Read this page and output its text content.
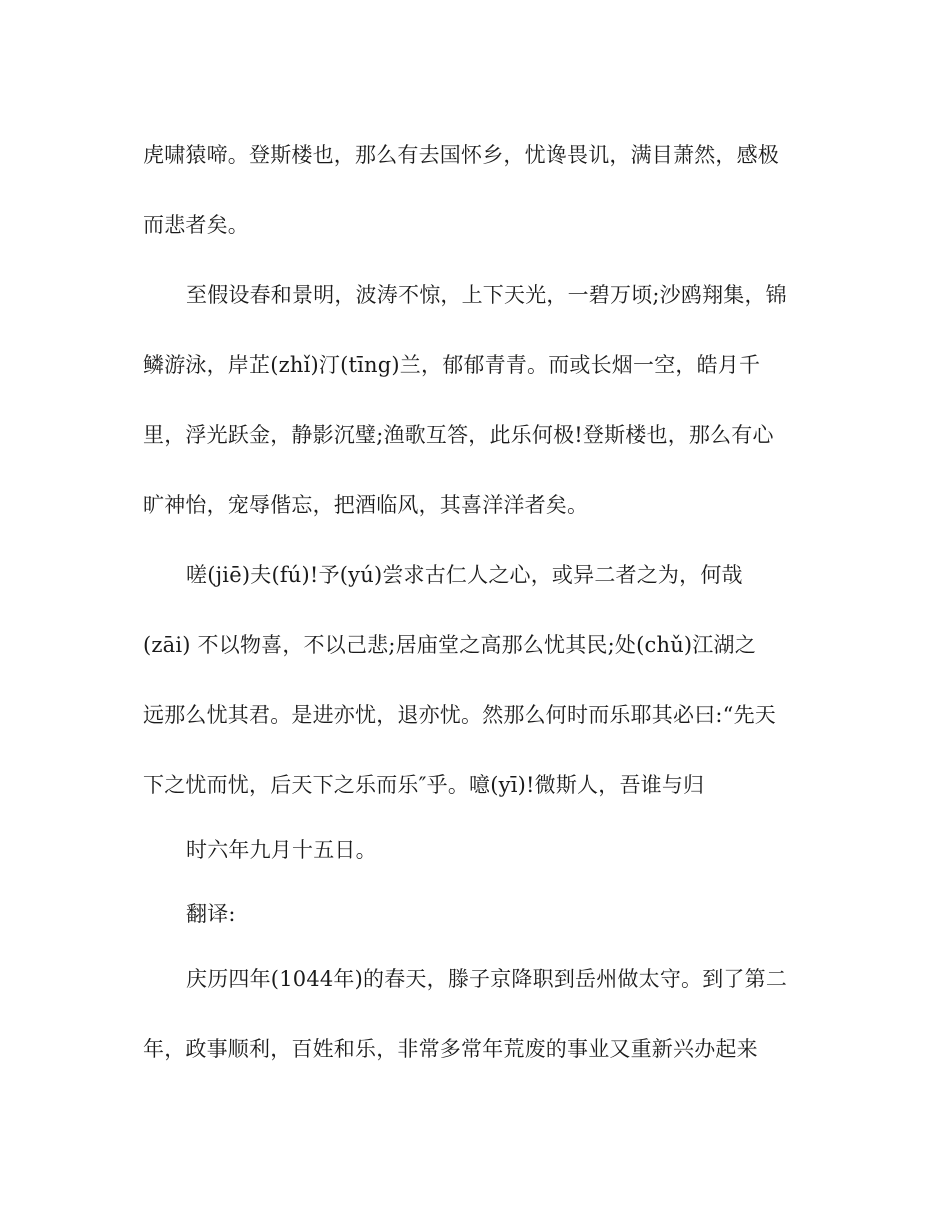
虎啸猿啼。登斯楼也，那么有去国怀乡，忧谗畏讥，满目萧然，感极
而悲者矣。
至假设春和景明，波涛不惊，上下天光，一碧万顷;沙鸥翔集，锦
鳞游泳，岸芷(zhǐ)汀(tīng)兰，郁郁青青。而或长烟一空，皓月千
里，浮光跃金，静影沉璧;渔歌互答，此乐何极!登斯楼也，那么有心
旷神怡，宠辱偕忘，把酒临风，其喜洋洋者矣。
嗟(jiē)夫(fú)!予(yú)尝求古仁人之心，或异二者之为，何哉
(zāi) 不以物喜，不以己悲;居庙堂之高那么忧其民;处(chǔ)江湖之
远那么忧其君。是进亦忧，退亦忧。然那么何时而乐耶其必曰:“先天
下之忧而忧，后天下之乐而乐″乎。噫(yī)!微斯人，吾谁与归
时六年九月十五日。
翻译:
庆历四年(1044年)的春天，滕子京降职到岳州做太守。到了第二
年，政事顺利，百姓和乐，非常多常年荒废的事业又重新兴办起来
